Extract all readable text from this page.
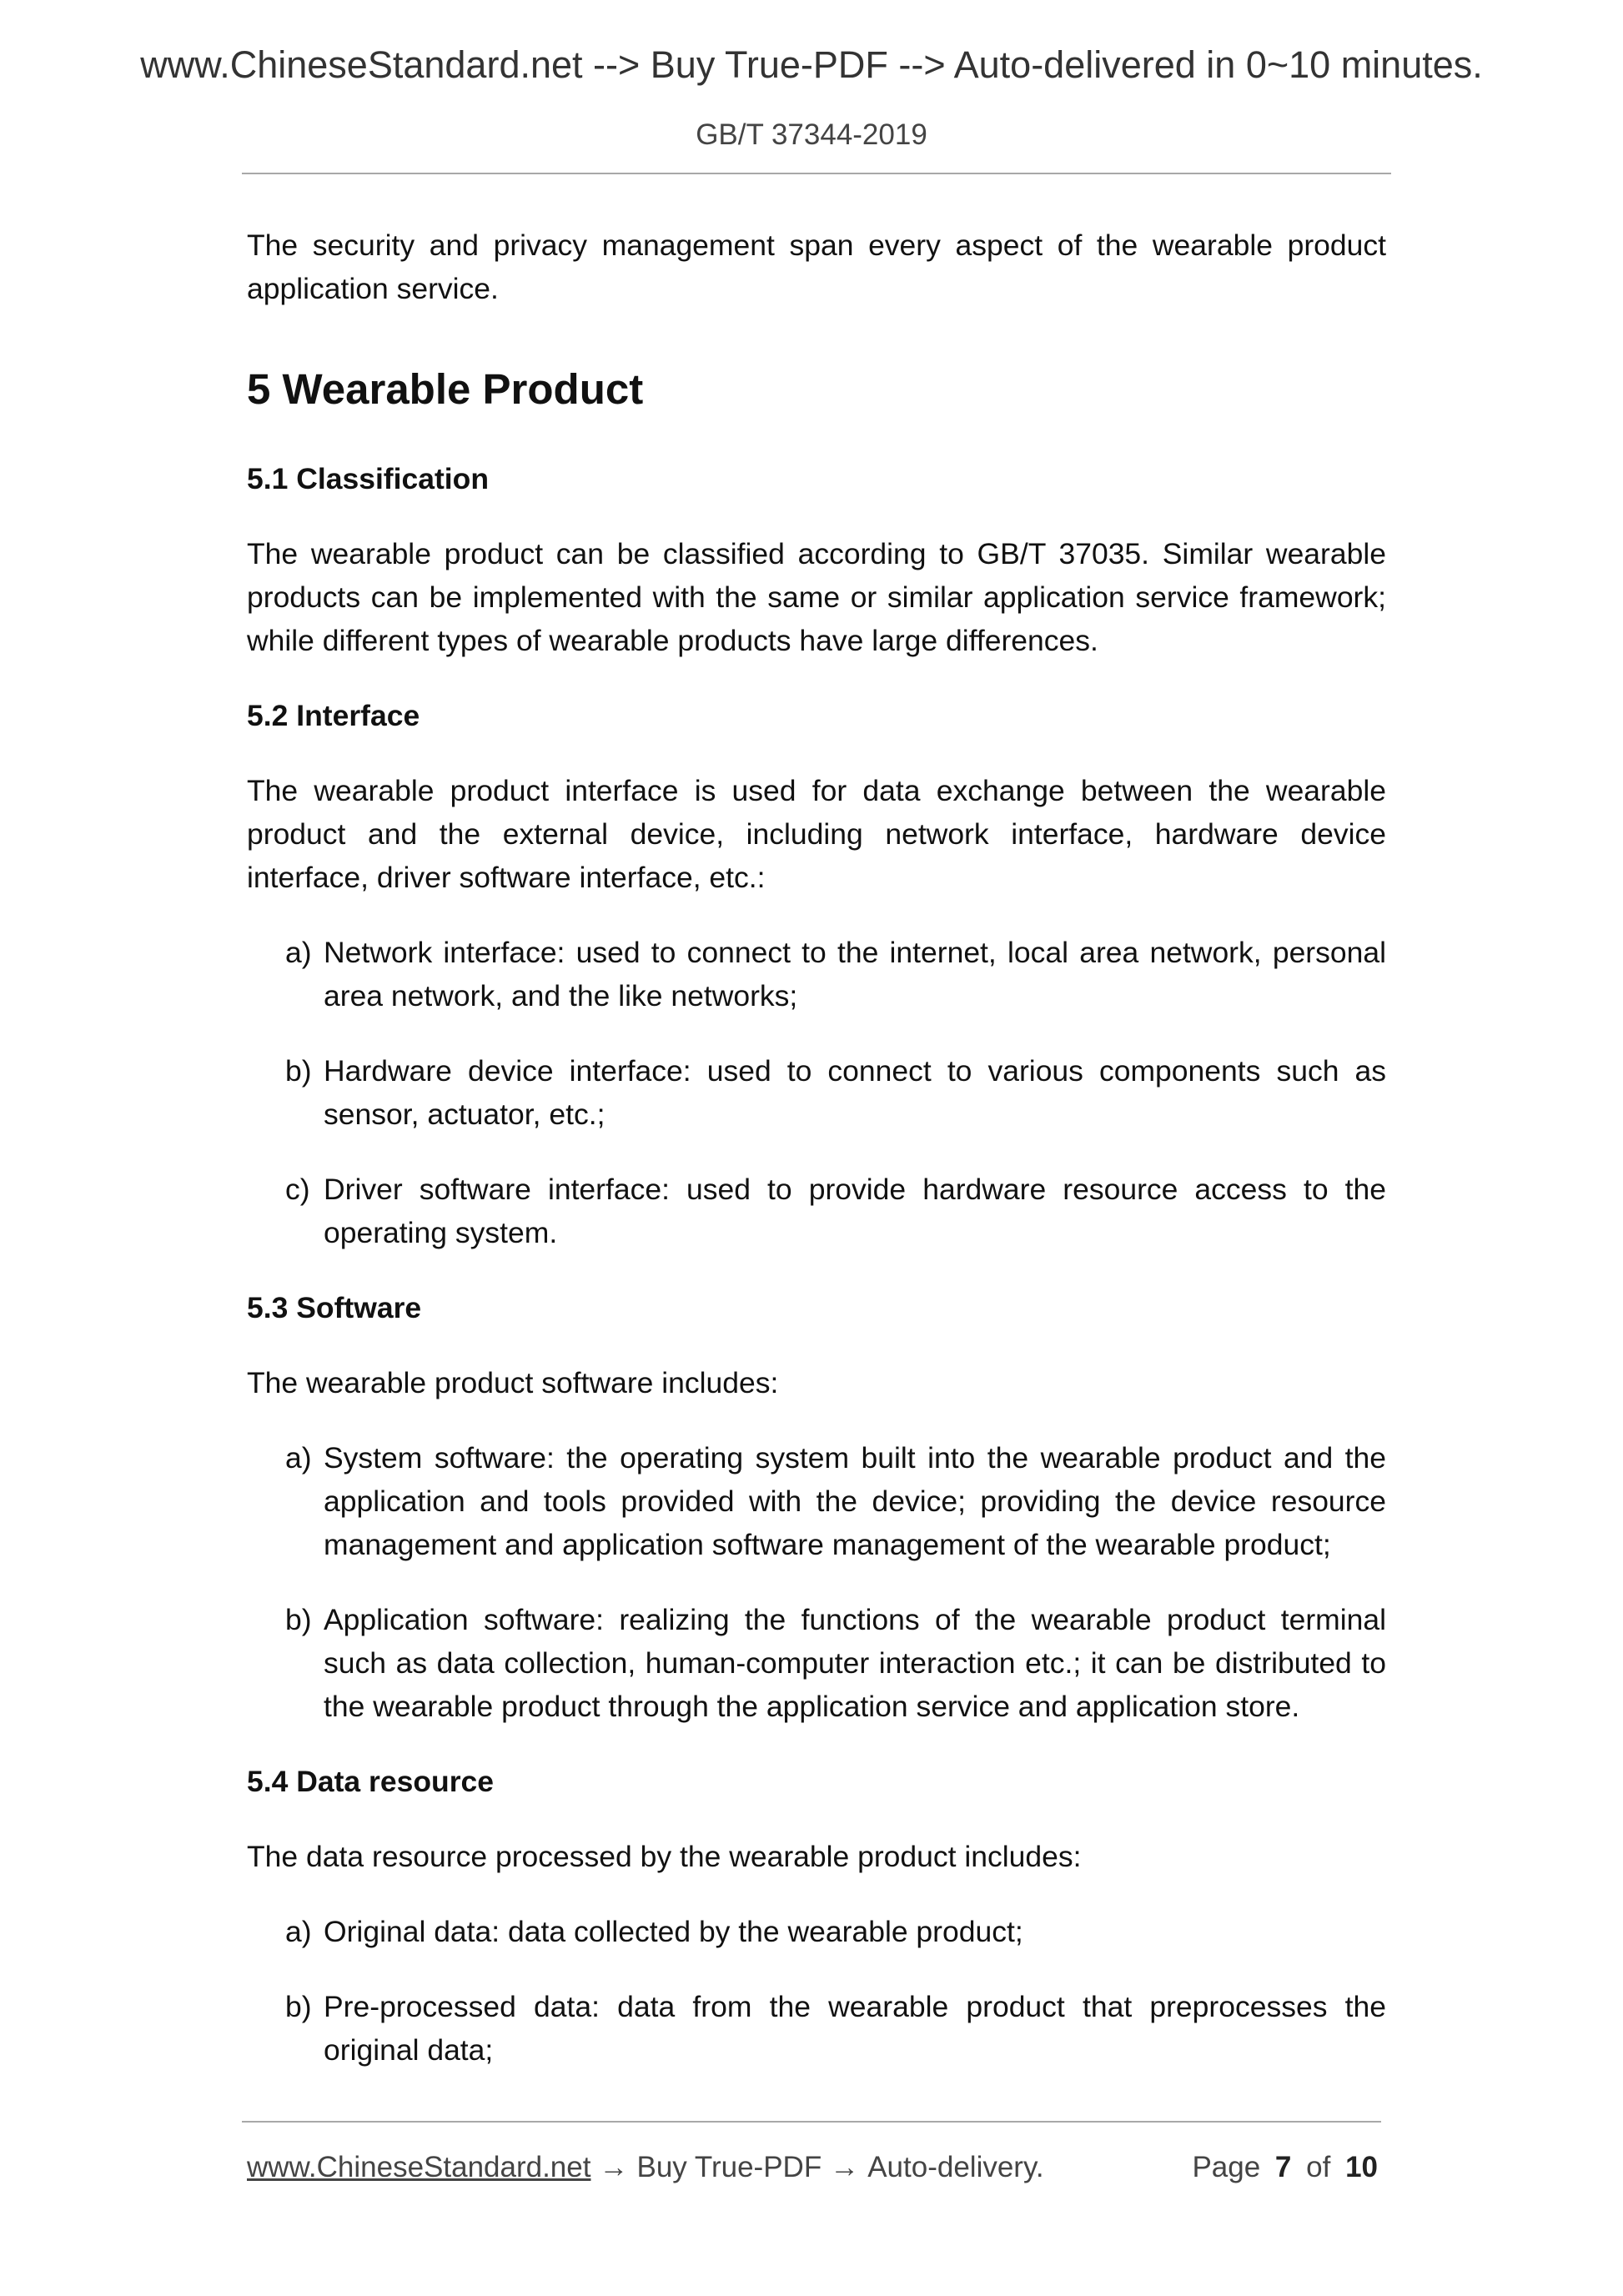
www.ChineseStandard.net --> Buy True-PDF --> Auto-delivered in 0~10 minutes.
GB/T 37344-2019

The security and privacy management span every aspect of the wearable product application service.

5 Wearable Product
5.1 Classification

The wearable product can be classified according to GB/T 37035. Similar wearable products can be implemented with the same or similar application service framework; while different types of wearable products have large differences.

5.2 Interface

The wearable product interface is used for data exchange between the wearable product and the external device, including network interface, hardware device interface, driver software interface, etc.:

a) Network interface: used to connect to the internet, local area network, personal area network, and the like networks;
b) Hardware device interface: used to connect to various components such as sensor, actuator, etc.;
c) Driver software interface: used to provide hardware resource access to the operating system.
5.3 Software

The wearable product software includes:

a) System software: the operating system built into the wearable product and the application and tools provided with the device; providing the device resource management and application software management of the wearable product;
b) Application software: realizing the functions of the wearable product terminal such as data collection, human-computer interaction etc.; it can be distributed to the wearable product through the application service and application store.
5.4 Data resource

The data resource processed by the wearable product includes:

a) Original data: data collected by the wearable product;
b) Pre-processed data: data from the wearable product that preprocesses the original data;
www.ChineseStandard.net → Buy True-PDF → Auto-delivery.	Page 7 of 10
